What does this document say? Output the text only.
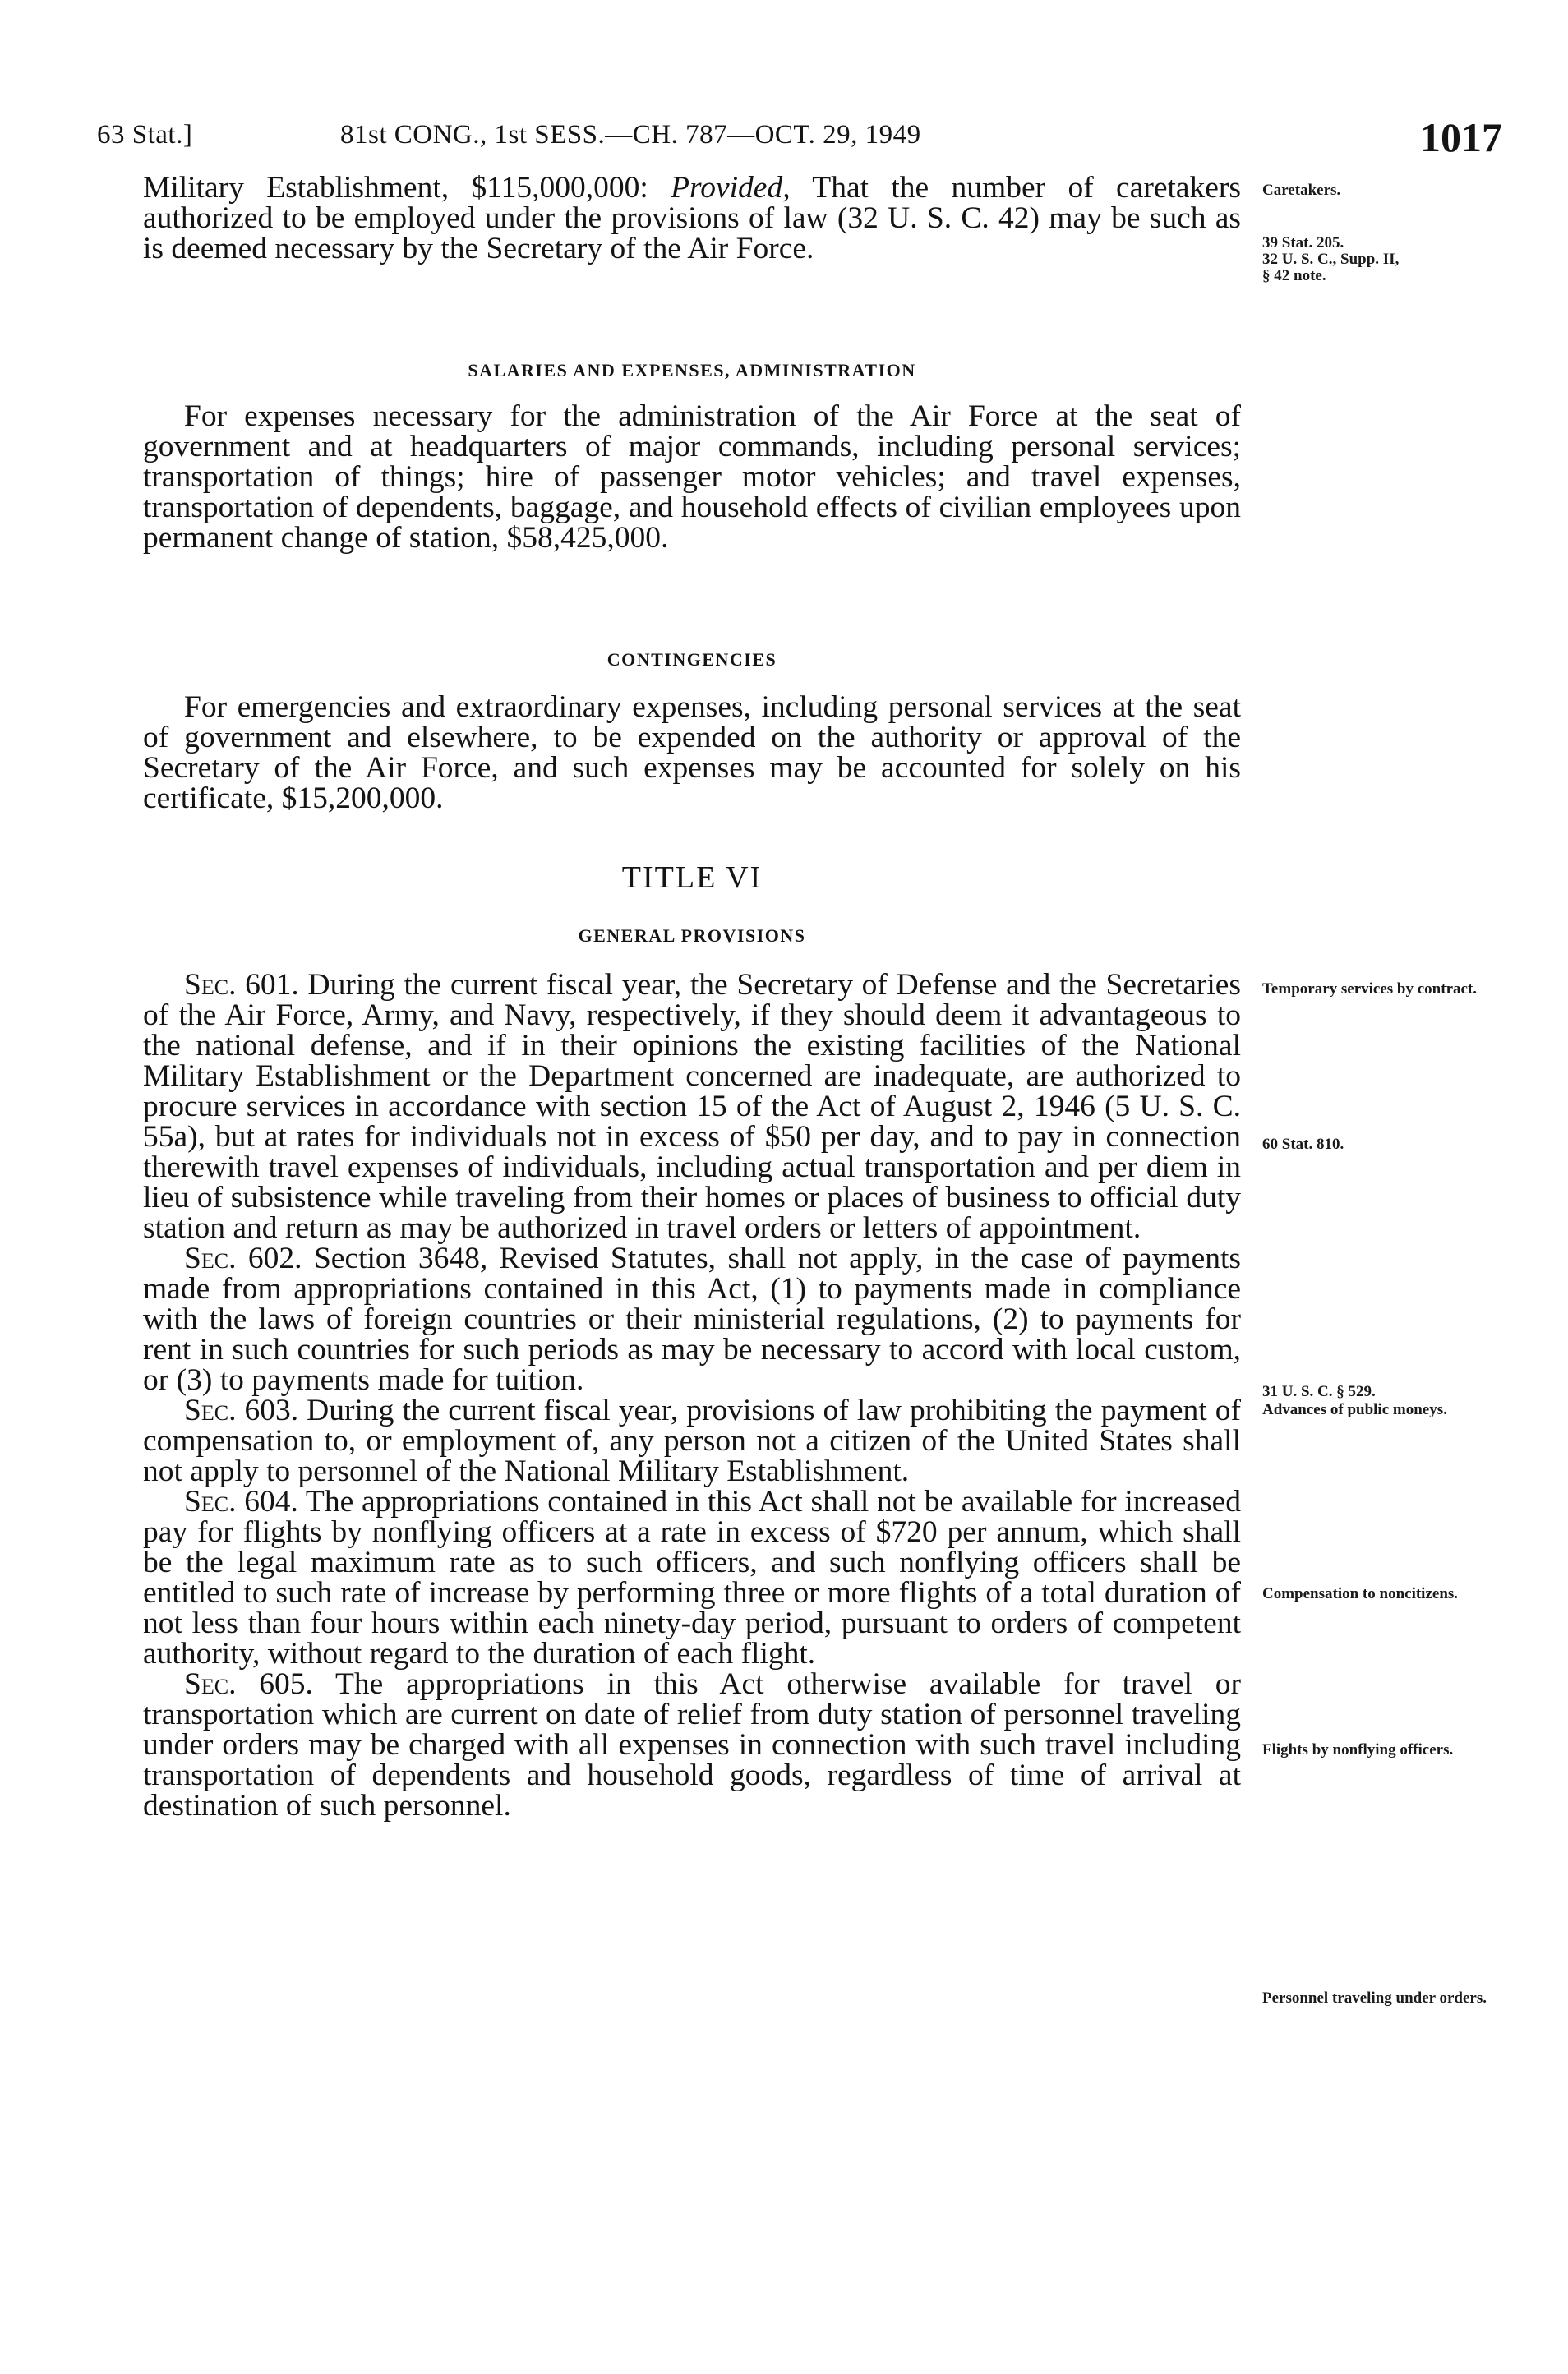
63 Stat.]	81st CONG., 1st SESS.—CH. 787—OCT. 29, 1949	1017

Military Establishment, $115,000,000: Provided, That the number of caretakers authorized to be employed under the provisions of law (32 U. S. C. 42) may be such as is deemed necessary by the Secretary of the Air Force.

SALARIES AND EXPENSES, ADMINISTRATION

For expenses necessary for the administration of the Air Force at the seat of government and at headquarters of major commands, including personal services; transportation of things; hire of passenger motor vehicles; and travel expenses, transportation of dependents, baggage, and household effects of civilian employees upon permanent change of station, $58,425,000.

CONTINGENCIES

For emergencies and extraordinary expenses, including personal services at the seat of government and elsewhere, to be expended on the authority or approval of the Secretary of the Air Force, and such expenses may be accounted for solely on his certificate, $15,200,000.

TITLE VI
GENERAL PROVISIONS

Sec. 601. During the current fiscal year, the Secretary of Defense and the Secretaries of the Air Force, Army, and Navy, respectively, if they should deem it advantageous to the national defense, and if in their opinions the existing facilities of the National Military Establishment or the Department concerned are inadequate, are authorized to procure services in accordance with section 15 of the Act of August 2, 1946 (5 U. S. C. 55a), but at rates for individuals not in excess of $50 per day, and to pay in connection therewith travel expenses of individuals, including actual transportation and per diem in lieu of subsistence while traveling from their homes or places of business to official duty station and return as may be authorized in travel orders or letters of appointment.

Sec. 602. Section 3648, Revised Statutes, shall not apply, in the case of payments made from appropriations contained in this Act, (1) to payments made in compliance with the laws of foreign countries or their ministerial regulations, (2) to payments for rent in such countries for such periods as may be necessary to accord with local custom, or (3) to payments made for tuition.

Sec. 603. During the current fiscal year, provisions of law prohibiting the payment of compensation to, or employment of, any person not a citizen of the United States shall not apply to personnel of the National Military Establishment.

Sec. 604. The appropriations contained in this Act shall not be available for increased pay for flights by nonflying officers at a rate in excess of $720 per annum, which shall be the legal maximum rate as to such officers, and such nonflying officers shall be entitled to such rate of increase by performing three or more flights of a total duration of not less than four hours within each ninety-day period, pursuant to orders of competent authority, without regard to the duration of each flight.

Sec. 605. The appropriations in this Act otherwise available for travel or transportation which are current on date of relief from duty station of personnel traveling under orders may be charged with all expenses in connection with such travel including transportation of dependents and household goods, regardless of time of arrival at destination of such personnel.

Caretakers.
39 Stat. 205.
32 U. S. C., Supp. II,
§ 42 note.
Temporary services by contract.
60 Stat. 810.
31 U. S. C. § 529.
Advances of public moneys.
Compensation to noncitizens.
Flights by nonflying officers.
Personnel traveling under orders.
